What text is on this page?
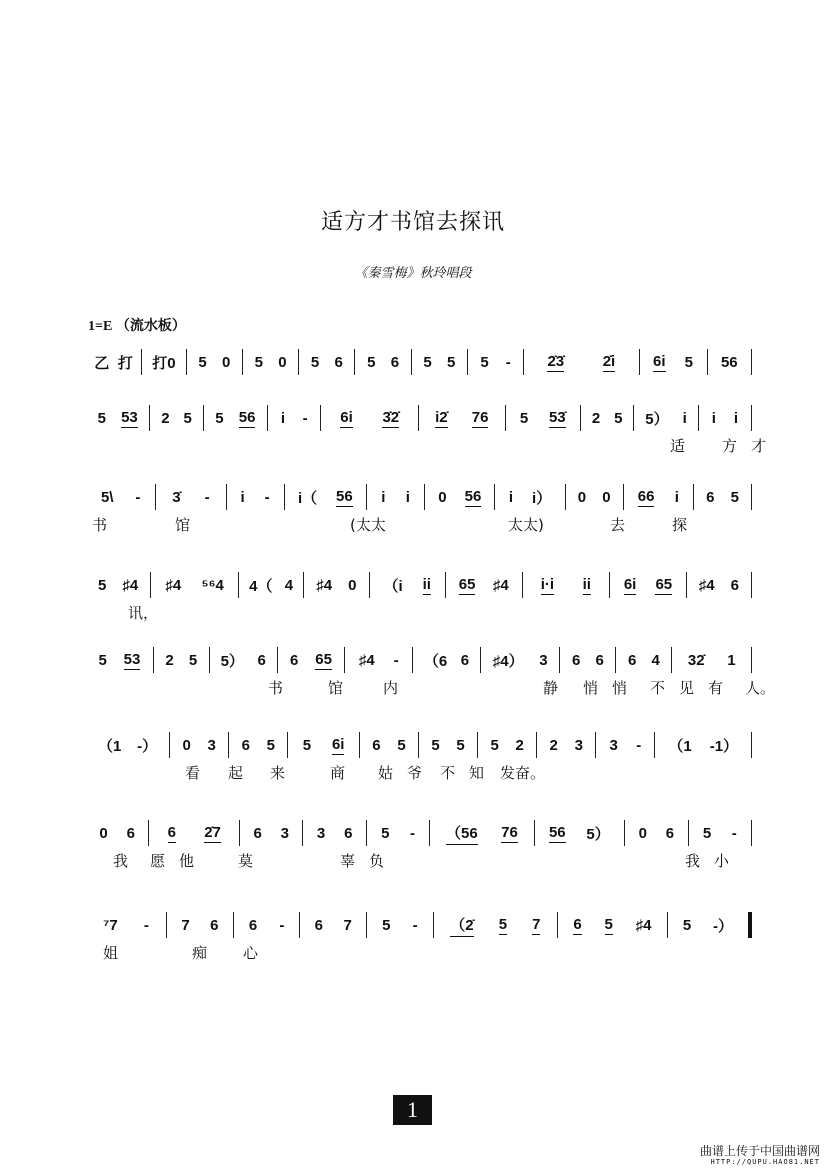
适方才书馆去探讯
《秦雪梅》秋玲唱段
1=E （流水板）
乙 打 打0 5 0 5 0 5 6 5 6 5 5 5 - 2̇3̇	2̇i	6i 5 56
5 53 2 5 5 56 i - 6i 3̇2̇ i2̇ 76 5 53̇ 2 5 5） i i i
适 方才
5\ - 3̇ - i - i（ 56 i i 0 56 i i） 0 0 66 i 6 5
书	馆	(太太	太太)	去	探
5 ♯4 ♯4 ⁵⁶4 4（ 4 ♯4 0 （i ii 65 ♯4 i·i ii 6i 65 ♯4 6
讯，
5 53 2 5 5） 6 6 65 ♯4 - （6 6 ♯4） 3 6 6 6 4 32̇ 1
书	馆	内	静 悄悄 不见 有 人。
（1 -） 0 3 6 5 5 6i 6 5 5 5 5 2 2 3 3 - （1 -1）
看 起 来	商 姑爷 不知 发奋。
0 6 6 2̇7 6 3 3 6 5 - （56 76 56 5） 0 6 5 -
我 愿他 莫	辜负	我小
⁷7 - 7 6 6 - 6 7 5 - （2̇ 5 7 6 5 ♯4 5 -）
姐	痴 心
1
曲谱上传于中国曲谱网
HTTP://QUPU.HAO81.NET
